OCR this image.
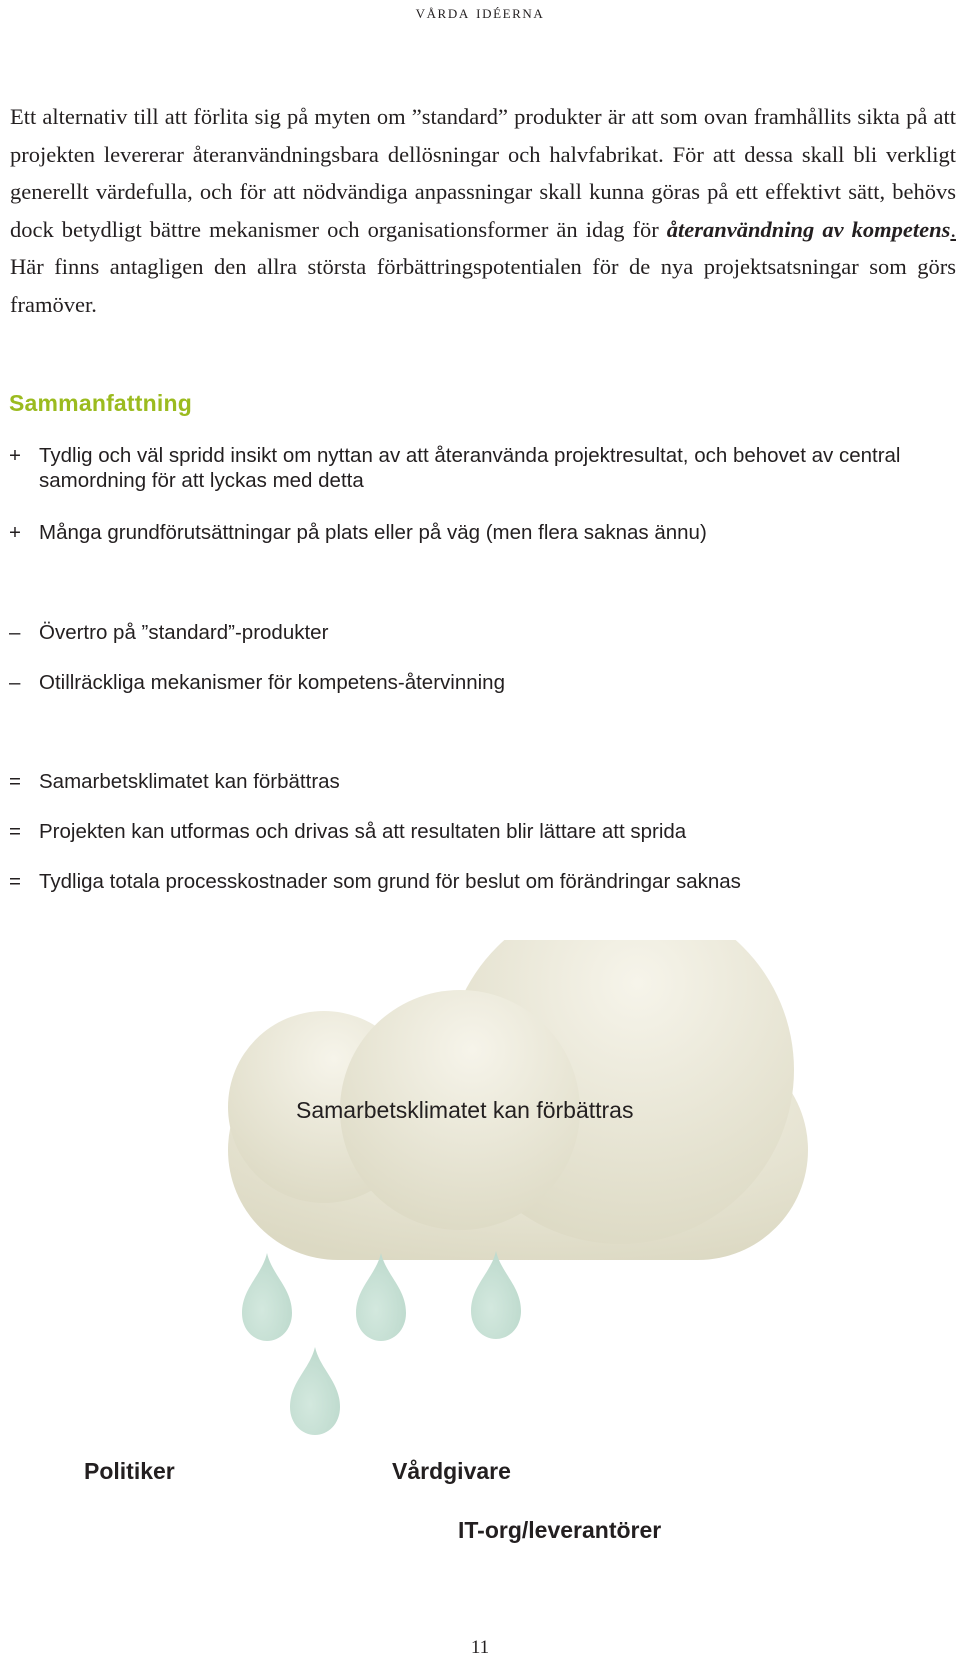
vårda idéerna

Ett alternativ till att förlita sig på myten om ”standard” produkter är att som ovan framhållits sikta på att projekten levererar återanvändningsbara dellösningar och halvfabrikat. För att dessa skall bli verkligt generellt värdefulla, och för att nödvändiga anpassningar skall kunna göras på ett effektivt sätt, behövs dock betydligt bättre mekanismer och organisationsformer än idag för återanvändning av kompetens. Här finns antagligen den allra största förbättringspotentialen för de nya projektsatsningar som görs framöver.

Sammanfattning
+ Tydlig och väl spridd insikt om nyttan av att återanvända projektresultat, och behovet av central samordning för att lyckas med detta
+ Många grundförutsättningar på plats eller på väg (men flera saknas ännu)
– Övertro på ”standard”-produkter
– Otillräckliga mekanismer för kompetens-återvinning
= Samarbetsklimatet kan förbättras
= Projekten kan utformas och drivas så att resultaten blir lättare att sprida
= Tydliga totala processkostnader som grund för beslut om förändringar saknas
Samarbetsklimatet kan förbättras
Politiker	Vårdgivare
IT-org/leverantörer
11
